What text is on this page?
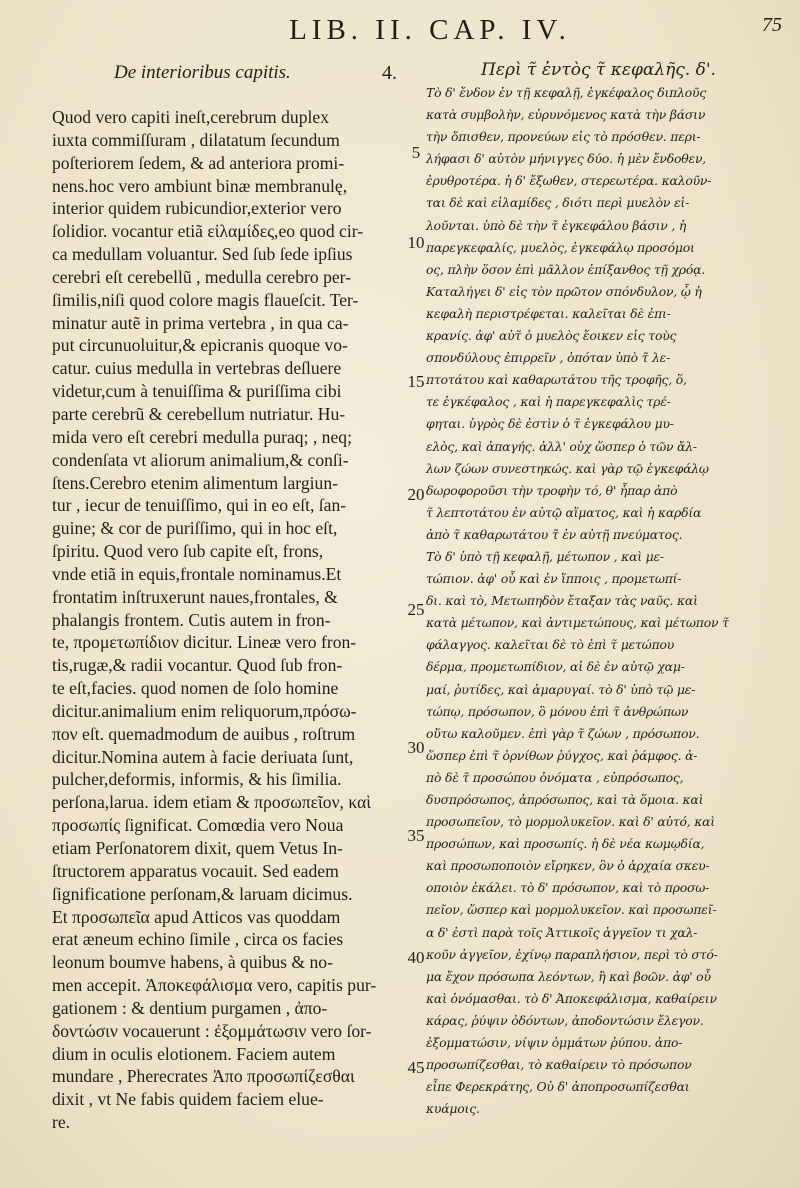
LIB. II. CAP. IV.	75
De interioribus capitis.	4.
Quod vero capiti ineſt,cerebrum duplex
iuxta commiſſuram , dilatatum ſecundum
poſteriorem ſedem, & ad anteriora promi-
nens.hoc vero ambiunt binæ membranulę,
interior quidem rubicundior,exterior vero
ſolidior. vocantur etiã εἰλαμίδες,eo quod cir-
ca medullam voluantur. Sed ſub ſede ipſius
cerebri eſt cerebellũ , medulla cerebro per-
ſimilis,niſi quod colore magis flaueſcit. Ter-
minatur autẽ in prima vertebra , in qua ca-
put circunuoluitur,& epicranis quoque vo-
catur. cuius medulla in vertebras deſluere
videtur,cum à tenuiſſima & puriſſima cibi
parte cerebrũ & cerebellum nutriatur. Hu-
mida vero eſt cerebri medulla puraq; , neq;
condenſata vt aliorum animalium,& conſi-
ſtens.Cerebro etenim alimentum largiun-
tur , iecur de tenuiſſimo, qui in eo eſt, ſan-
guine; & cor de puriſſimo, qui in hoc eſt,
ſpiritu. Quod vero ſub capite eſt, frons,
vnde etiã in equis,frontale nominamus.Et
frontatim inſtruxerunt naues,frontales, &
phalangis frontem. Cutis autem in fron-
te, προμετωπίδιον dicitur. Lineæ vero fron-
tis,rugæ,& radii vocantur. Quod ſub fron-
te eſt,facies. quod nomen de ſolo homine
dicitur.animalium enim reliquorum,πρόσω-
πον eſt. quemadmodum de auibus , roſtrum
dicitur.Nomina autem à facie deriuata ſunt,
pulcher,deformis, informis, & his ſimilia.
perſona,larua. idem etiam & προσωπεῖον, καὶ
προσωπίς ſignificat. Comœdia vero Noua
etiam Perſonatorem dixit, quem Vetus In-
ſtructorem apparatus vocauit. Sed eadem
ſignificatione perſonam,& laruam dicimus.
Et προσωπεῖα apud Atticos vas quoddam
erat æneum echino ſimile , circa os facies
leonum boumve habens, à quibus & no-
men accepit. Ἀποκεφάλισμα vero, capitis pur-
gationem : & dentium purgamen , ἀπο-
δοντώσιν vocauerunt : ἐξομμάτωσιν vero ſor-
dium in oculis elotionem. Faciem autem
mundare , Pherecrates Ἀπο προσωπίζεσθαι
dixit , vt Ne fabis quidem faciem elue-
re.
5
10
15
20
25
30
35
40
45
Περὶ τ̃ ἐντὸς τ̃ κεφαλῆς. δ'.
Τὸ δ' ἔνδον ἐν τῇ κεφαλῇ, ἐγκέφαλος διπλοῦς
κατὰ συμβολὴν, εὐρυνόμενος κατὰ τὴν βάσιν
τὴν ὄπισθεν, προνεύων εἰς τὸ πρόσθεν. περι-
λήφασι δ' αὐτὸν μήνιγγες δύο. ἡ μὲν ἔνδοθεν,
ἐρυθροτέρα. ἡ δ' ἔξωθεν, στερεωτέρα. καλοῦν-
ται δὲ καὶ εἰλαμίδες , διότι περὶ μυελὸν εἰ-
λοῦνται. ὑπὸ δὲ τὴν τ̃ ἐγκεφάλου βάσιν , ἡ
παρεγκεφαλίς, μυελὸς, ἐγκεφάλῳ προσόμοι
ος, πλὴν ὅσον ἐπὶ μᾶλλον ἐπίξανθος τῇ χρόᾳ.
Καταλήγει δ' εἰς τὸν πρῶτον σπόνδυλον, ᾧ ἡ
κεφαλὴ περιστρέφεται. καλεῖται δὲ ἐπι-
κρανίς. ἀφ' αὐτ̃ ὁ μυελὸς ἔοικεν εἰς τοὺς
σπονδύλους ἐπιρρεῖν , ὁπόταν ὑπὸ τ̃ λε-
πτοτάτου καὶ καθαρωτάτου τῆς τροφῆς, ὅ,
τε ἐγκέφαλος , καὶ ἡ παρεγκεφαλὶς τρέ-
φηται. ὑγρὸς δὲ ἐστὶν ὁ τ̃ ἐγκεφάλου μυ-
ελὸς, καὶ ἀπαγής. ἀλλ' οὐχ ὥσπερ ὁ τῶν ἄλ-
λων ζώων συνεστηκώς. καὶ γὰρ τῷ ἐγκεφάλῳ
δωροφοροῦσι τὴν τροφὴν τό, θ' ἧπαρ ἀπὸ
τ̃ λεπτοτάτου ἐν αὐτῷ αἵματος, καὶ ἡ καρδία
ἀπὸ τ̃ καθαρωτάτου τ̃ ἐν αὐτῇ πνεύματος.
Τὸ δ' ὑπὸ τῇ κεφαλῇ, μέτωπον , καὶ με-
τώπιον. ἀφ' οὗ καὶ ἐν ἵπποις , προμετωπί-
δι. καὶ τὸ, Μετωπηδὸν ἔταξαν τὰς ναῦς. καὶ
κατὰ μέτωπον, καὶ ἀντιμετώπους, καὶ μέτωπον τ̃
φάλαγγος. καλεῖται δὲ τὸ ἐπὶ τ̃ μετώπου
δέρμα, προμετωπίδιον, αἱ δὲ ἐν αὐτῷ χαμ-
μαί, ῥυτίδες, καὶ ἀμαρυγαί. τὸ δ' ὑπὸ τῷ με-
τώπῳ, πρόσωπον, ὃ μόνου ἐπὶ τ̃ ἀνθρώπων
οὕτω καλοῦμεν. ἐπὶ γὰρ τ̃ ζώων , πρόσωπον.
ὥσπερ ἐπὶ τ̃ ὀρνίθων ῥύγχος, καὶ ῥάμφος. ἀ-
πὸ δὲ τ̃ προσώπου ὀνόματα , εὐπρόσωπος,
δυσπρόσωπος, ἀπρόσωπος, καὶ τὰ ὅμοια. καὶ
προσωπεῖον, τὸ μορμολυκεῖον. καὶ δ' αὐτό, καὶ
προσώπων, καὶ προσωπίς. ἡ δὲ νέα κωμῳδία,
καὶ προσωποποιὸν εἴρηκεν, ὃν ὁ ἀρχαία σκευ-
οποιὸν ἐκάλει. τὸ δ' πρόσωπον, καὶ τὸ προσω-
πεῖον, ὥσπερ καὶ μορμολυκεῖον. καὶ προσωπεῖ-
α δ' ἐστὶ παρὰ τοῖς Ἀττικοῖς ἀγγεῖον τι χαλ-
κοῦν ἀγγεῖον, ἐχίνῳ παραπλήσιον, περὶ τὸ στό-
μα ἔχον πρόσωπα λεόντων, ἢ καὶ βοῶν. ἀφ' οὗ
καὶ ὀνόμασθαι. τὸ δ' Ἀποκεφάλισμα, καθαίρειν
κάρας, ῥύψιν ὀδόντων, ἀποδοντώσιν ἔλεγον.
ἐξομματώσιν, νίψιν ὀμμάτων ῥύπου. ἀπο-
προσωπίζεσθαι, τὸ καθαίρειν τὸ πρόσωπον
εἶπε Φερεκράτης, Οὐ δ' ἀποπροσωπίζεσθαι
κυάμοις.
